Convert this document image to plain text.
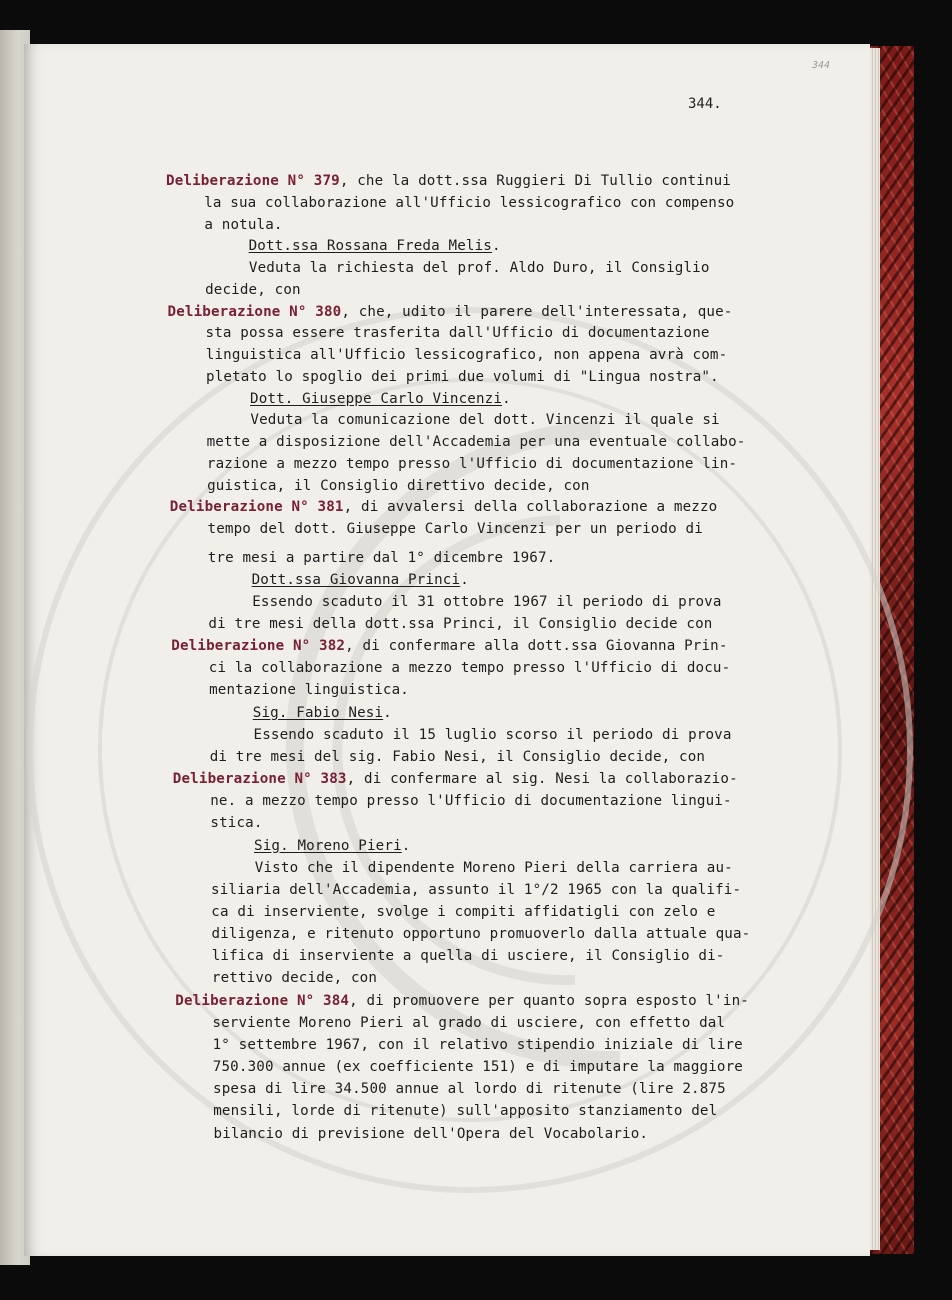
344
344.
Deliberazione N° 379, che la dott.ssa Ruggieri Di Tullio continui
la sua collaborazione all'Ufficio lessicografico con compenso
a notula.
Dott.ssa Rossana Freda Melis.
Veduta la richiesta del prof. Aldo Duro, il Consiglio
decide, con
Deliberazione N° 380, che, udito il parere dell'interessata, que-
sta possa essere trasferita dall'Ufficio di documentazione
linguistica all'Ufficio lessicografico, non appena avrà com-
pletato lo spoglio dei primi due volumi di "Lingua nostra".
Dott. Giuseppe Carlo Vincenzi.
Veduta la comunicazione del dott. Vincenzi il quale si
mette a disposizione dell'Accademia per una eventuale collabo-
razione a mezzo tempo presso l'Ufficio di documentazione lin-
guistica, il Consiglio direttivo decide, con
Deliberazione N° 381, di avvalersi della collaborazione a mezzo
tempo del dott. Giuseppe Carlo Vincenzi per un periodo di
tre mesi a partire dal 1° dicembre 1967.
Dott.ssa Giovanna Princi.
Essendo scaduto il 31 ottobre 1967 il periodo di prova
di tre mesi della dott.ssa Princi, il Consiglio decide con
Deliberazione N° 382, di confermare alla dott.ssa Giovanna Prin-
ci la collaborazione a mezzo tempo presso l'Ufficio di docu-
mentazione linguistica.
Sig. Fabio Nesi.
Essendo scaduto il 15 luglio scorso il periodo di prova
di tre mesi del sig. Fabio Nesi, il Consiglio decide, con
Deliberazione N° 383, di confermare al sig. Nesi la collaborazio-
ne. a mezzo tempo presso l'Ufficio di documentazione lingui-
stica.
Sig. Moreno Pieri.
Visto che il dipendente Moreno Pieri della carriera au-
siliaria dell'Accademia, assunto il 1°/2 1965 con la qualifi-
ca di inserviente, svolge i compiti affidatigli con zelo e
diligenza, e ritenuto opportuno promuoverlo dalla attuale qua-
lifica di inserviente a quella di usciere, il Consiglio di-
rettivo decide, con
Deliberazione N° 384, di promuovere per quanto sopra esposto l'in-
serviente Moreno Pieri al grado di usciere, con effetto dal
1° settembre 1967, con il relativo stipendio iniziale di lire
750.300 annue (ex coefficiente 151) e di imputare la maggiore
spesa di lire 34.500 annue al lordo di ritenute (lire 2.875
mensili, lorde di ritenute) sull'apposito stanziamento del
bilancio di previsione dell'Opera del Vocabolario.
